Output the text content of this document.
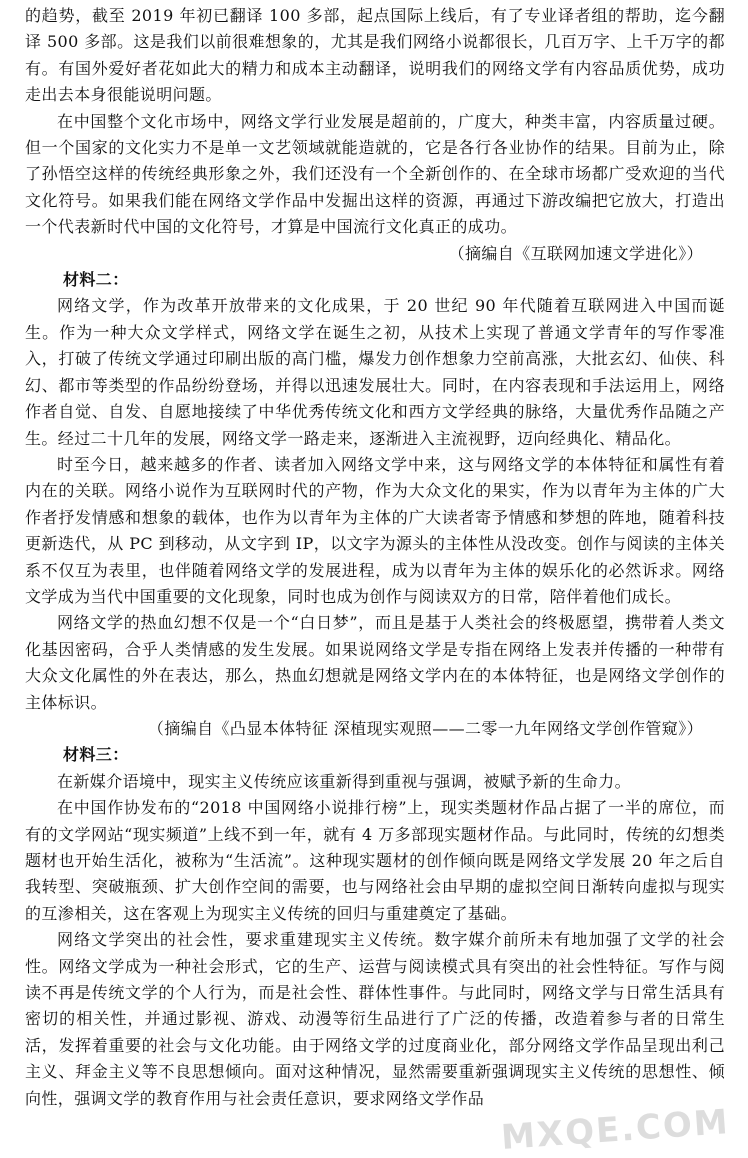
的趋势，截至 2019 年初已翻译 100 多部，起点国际上线后，有了专业译者组的帮助，迄今翻译 500 多部。这是我们以前很难想象的，尤其是我们网络小说都很长，几百万字、上千万字的都有。有国外爱好者花如此大的精力和成本主动翻译，说明我们的网络文学有内容品质优势，成功走出去本身很能说明问题。

在中国整个文化市场中，网络文学行业发展是超前的，广度大，种类丰富，内容质量过硬。但一个国家的文化实力不是单一文艺领域就能造就的，它是各行各业协作的结果。目前为止，除了孙悟空这样的传统经典形象之外，我们还没有一个全新创作的、在全球市场都广受欢迎的当代文化符号。如果我们能在网络文学作品中发掘出这样的资源，再通过下游改编把它放大，打造出一个代表新时代中国的文化符号，才算是中国流行文化真正的成功。

（摘编自《互联网加速文学进化》）

材料二：

网络文学，作为改革开放带来的文化成果，于 20 世纪 90 年代随着互联网进入中国而诞生。作为一种大众文学样式，网络文学在诞生之初，从技术上实现了普通文学青年的写作零准入，打破了传统文学通过印刷出版的高门槛，爆发力创作想象力空前高涨，大批玄幻、仙侠、科幻、都市等类型的作品纷纷登场，并得以迅速发展壮大。同时，在内容表现和手法运用上，网络作者自觉、自发、自愿地接续了中华优秀传统文化和西方文学经典的脉络，大量优秀作品随之产生。经过二十几年的发展，网络文学一路走来，逐渐进入主流视野，迈向经典化、精品化。

时至今日，越来越多的作者、读者加入网络文学中来，这与网络文学的本体特征和属性有着内在的关联。网络小说作为互联网时代的产物，作为大众文化的果实，作为以青年为主体的广大作者抒发情感和想象的载体，也作为以青年为主体的广大读者寄予情感和梦想的阵地，随着科技更新迭代，从 PC 到移动，从文字到 IP，以文字为源头的主体性从没改变。创作与阅读的主体关系不仅互为表里，也伴随着网络文学的发展进程，成为以青年为主体的娱乐化的必然诉求。网络文学成为当代中国重要的文化现象，同时也成为创作与阅读双方的日常，陪伴着他们成长。

网络文学的热血幻想不仅是一个“白日梦”，而且是基于人类社会的终极愿望，携带着人类文化基因密码，合乎人类情感的发生发展。如果说网络文学是专指在网络上发表并传播的一种带有大众文化属性的外在表达，那么，热血幻想就是网络文学内在的本体特征，也是网络文学创作的主体标识。

（摘编自《凸显本体特征 深植现实观照——二零一九年网络文学创作管窥》）

材料三：

在新媒介语境中，现实主义传统应该重新得到重视与强调，被赋予新的生命力。

在中国作协发布的“2018 中国网络小说排行榜”上，现实类题材作品占据了一半的席位，而有的文学网站“现实频道”上线不到一年，就有 4 万多部现实题材作品。与此同时，传统的幻想类题材也开始生活化，被称为“生活流”。这种现实题材的创作倾向既是网络文学发展 20 年之后自我转型、突破瓶颈、扩大创作空间的需要，也与网络社会由早期的虚拟空间日渐转向虚拟与现实的互渗相关，这在客观上为现实主义传统的回归与重建奠定了基础。

网络文学突出的社会性，要求重建现实主义传统。数字媒介前所未有地加强了文学的社会性。网络文学成为一种社会形式，它的生产、运营与阅读模式具有突出的社会性特征。写作与阅读不再是传统文学的个人行为，而是社会性、群体性事件。与此同时，网络文学与日常生活具有密切的相关性，并通过影视、游戏、动漫等衍生品进行了广泛的传播，改造着参与者的日常生活，发挥着重要的社会与文化功能。由于网络文学的过度商业化，部分网络文学作品呈现出利己主义、拜金主义等不良思想倾向。面对这种情况，显然需要重新强调现实主义传统的思想性、倾向性，强调文学的教育作用与社会责任意识，要求网络文学作品

MXQE.COM
